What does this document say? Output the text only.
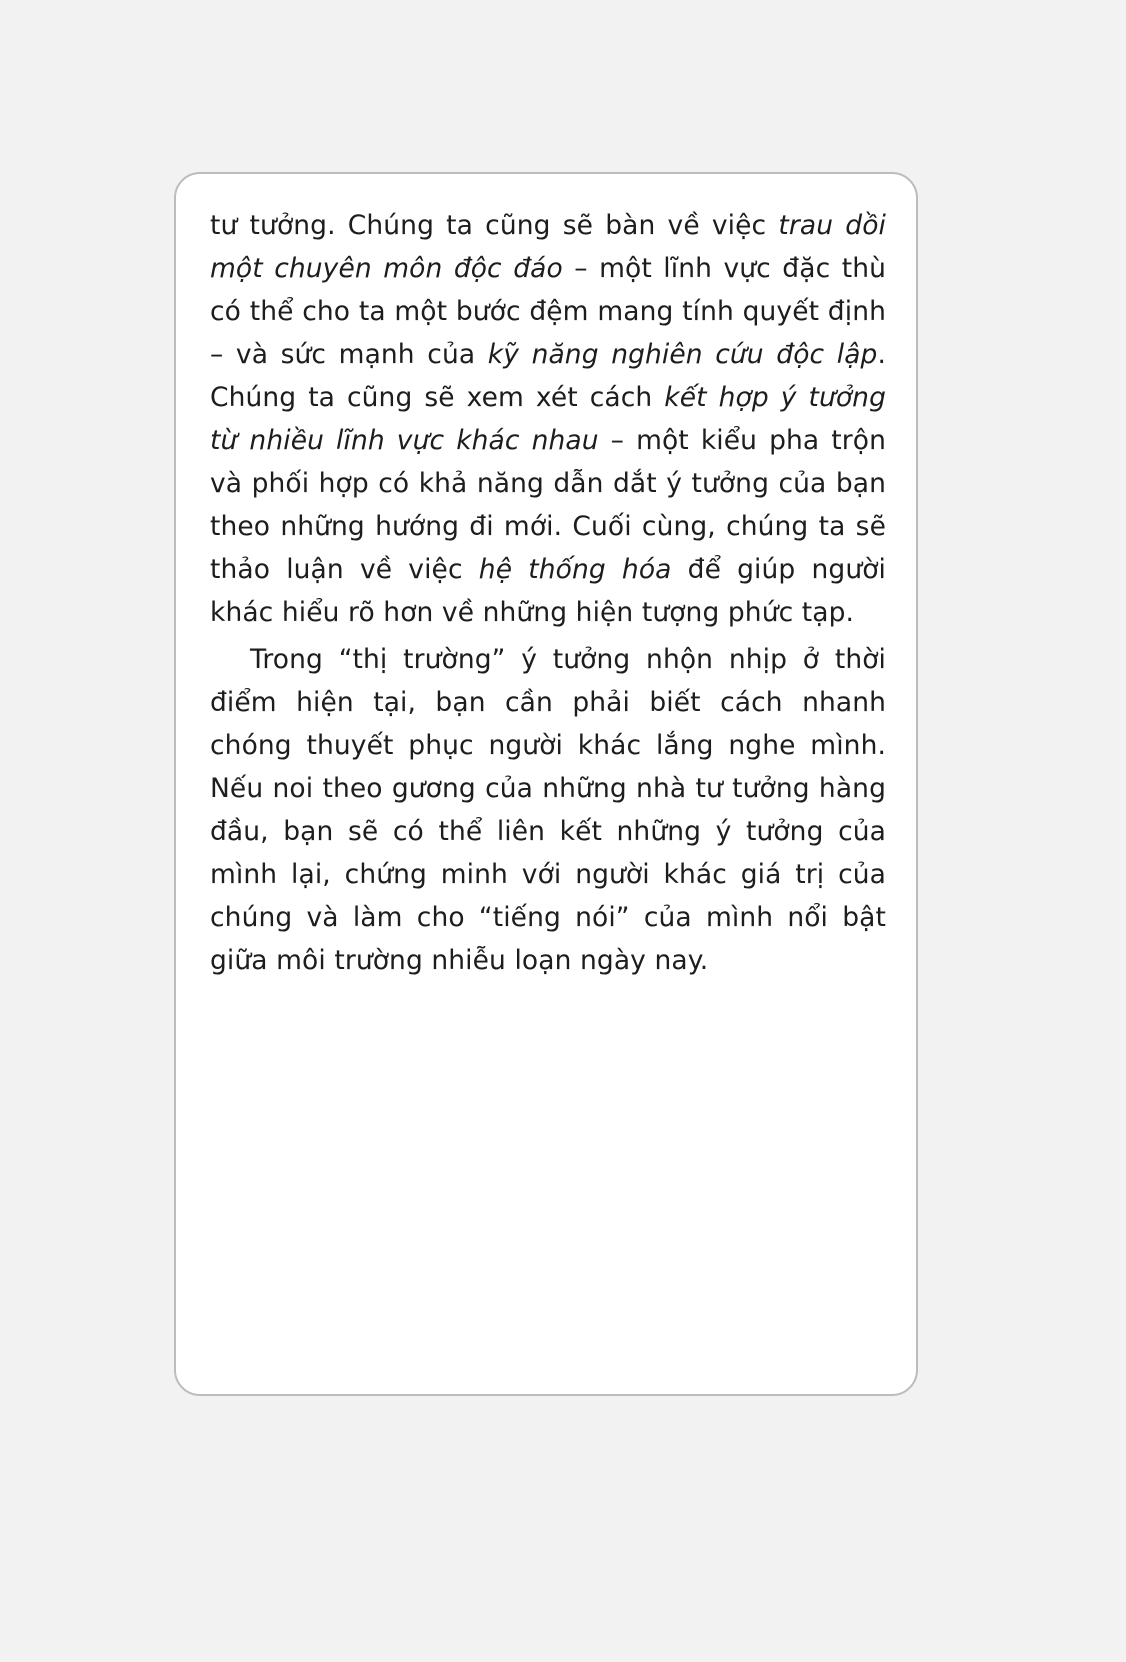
tư tưởng. Chúng ta cũng sẽ bàn về việc trau dồi một chuyên môn độc đáo – một lĩnh vực đặc thù có thể cho ta một bước đệm mang tính quyết định – và sức mạnh của kỹ năng nghiên cứu độc lập. Chúng ta cũng sẽ xem xét cách kết hợp ý tưởng từ nhiều lĩnh vực khác nhau – một kiểu pha trộn và phối hợp có khả năng dẫn dắt ý tưởng của bạn theo những hướng đi mới. Cuối cùng, chúng ta sẽ thảo luận về việc hệ thống hóa để giúp người khác hiểu rõ hơn về những hiện tượng phức tạp.

Trong “thị trường” ý tưởng nhộn nhịp ở thời điểm hiện tại, bạn cần phải biết cách nhanh chóng thuyết phục người khác lắng nghe mình. Nếu noi theo gương của những nhà tư tưởng hàng đầu, bạn sẽ có thể liên kết những ý tưởng của mình lại, chứng minh với người khác giá trị của chúng và làm cho “tiếng nói” của mình nổi bật giữa môi trường nhiễu loạn ngày nay.
